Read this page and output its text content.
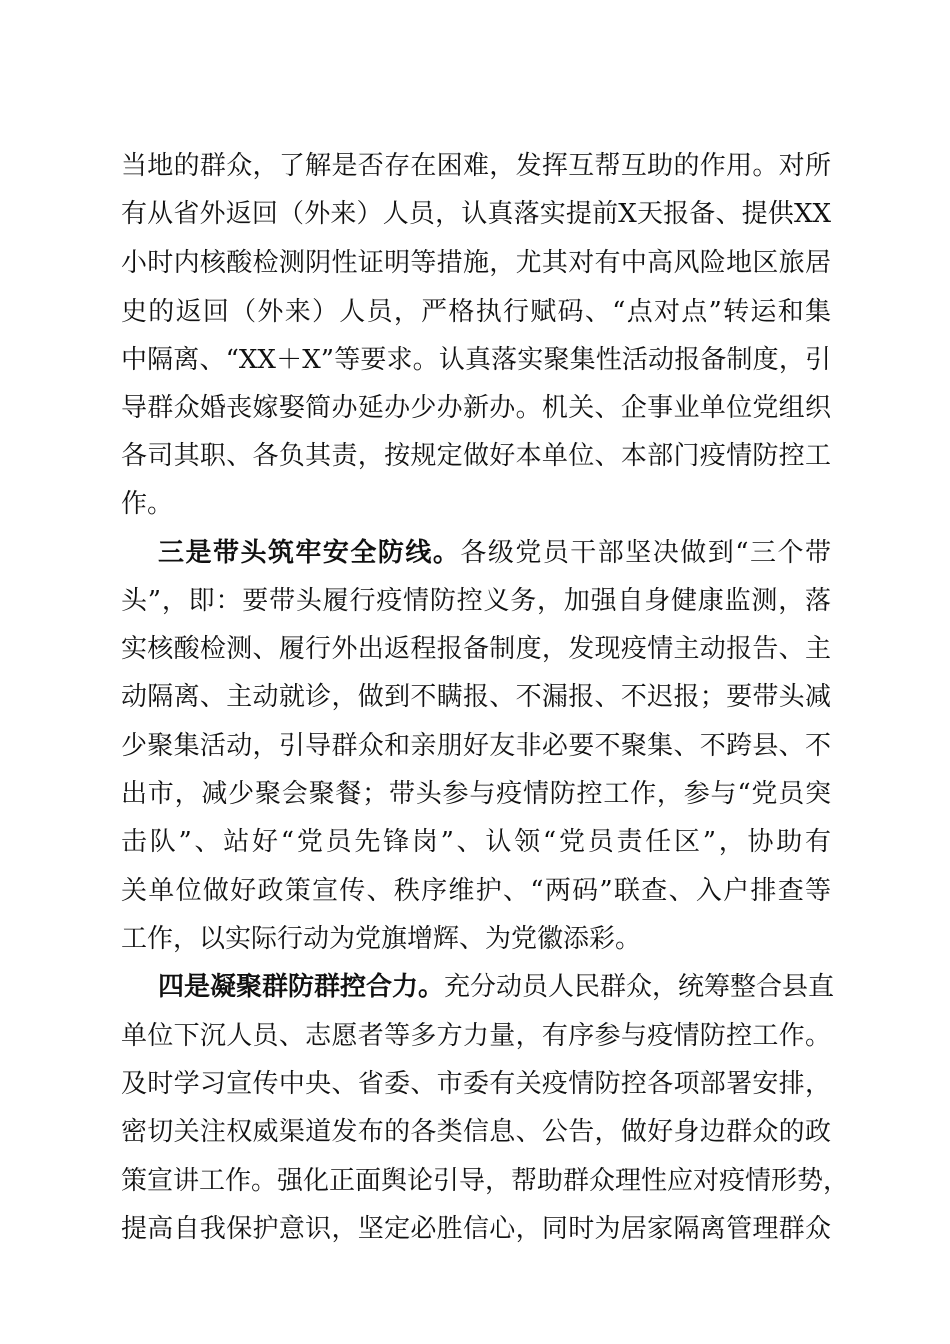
当地的群众，了解是否存在困难，发挥互帮互助的作用。对所

有从省外返回（外来）人员，认真落实提前X天报备、提供XX

小时内核酸检测阴性证明等措施，尤其对有中高风险地区旅居

史的返回（外来）人员，严格执行赋码、“点对点”转运和集

中隔离、“XX＋X”等要求。认真落实聚集性活动报备制度，引

导群众婚丧嫁娶简办延办少办新办。机关、企事业单位党组织

各司其职、各负其责，按规定做好本单位、本部门疫情防控工

作。

三是带头筑牢安全防线。各级党员干部坚决做到“三个带

头”，即：要带头履行疫情防控义务，加强自身健康监测，落

实核酸检测、履行外出返程报备制度，发现疫情主动报告、主

动隔离、主动就诊，做到不瞒报、不漏报、不迟报；要带头减

少聚集活动，引导群众和亲朋好友非必要不聚集、不跨县、不

出市，减少聚会聚餐；带头参与疫情防控工作，参与“党员突

击队”、站好“党员先锋岗”、认领“党员责任区”，协助有

关单位做好政策宣传、秩序维护、“两码”联查、入户排查等

工作，以实际行动为党旗增辉、为党徽添彩。

四是凝聚群防群控合力。充分动员人民群众，统筹整合县直

单位下沉人员、志愿者等多方力量，有序参与疫情防控工作。

及时学习宣传中央、省委、市委有关疫情防控各项部署安排，

密切关注权威渠道发布的各类信息、公告，做好身边群众的政

策宣讲工作。强化正面舆论引导，帮助群众理性应对疫情形势，

提高自我保护意识，坚定必胜信心，同时为居家隔离管理群众
